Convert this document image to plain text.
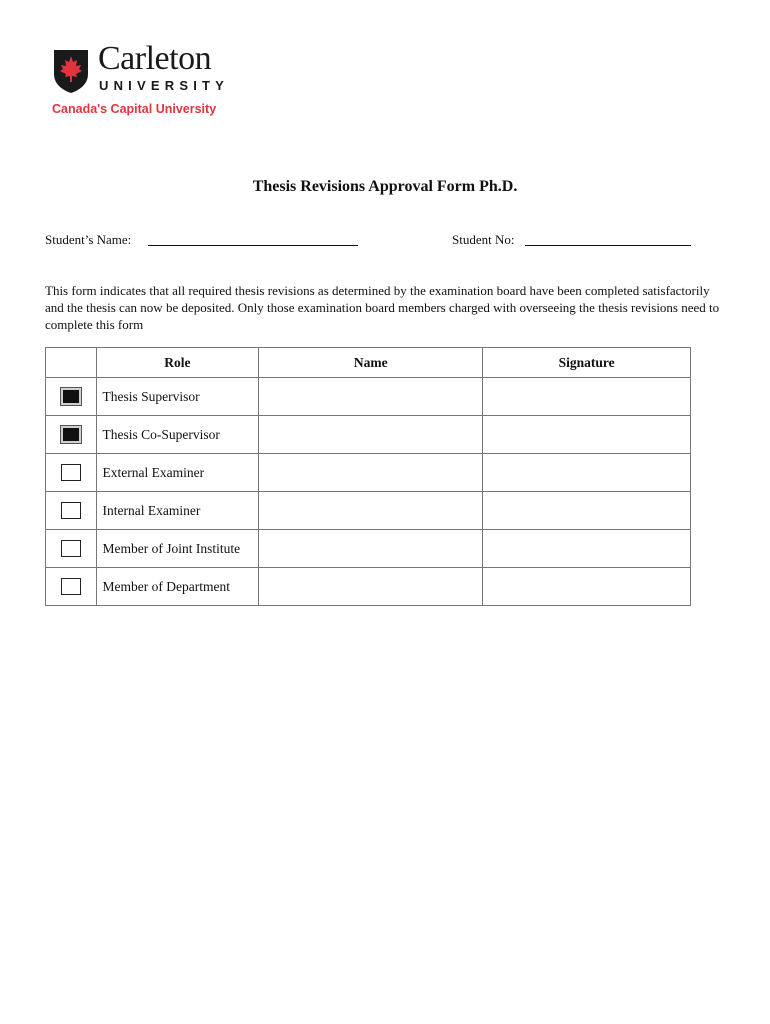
Carleton
UNIVERSITY
Canada's Capital University
Thesis Revisions Approval Form Ph.D.
Student’s Name:	Student No:
This form indicates that all required thesis revisions as determined by the examination board have been completed satisfactorily and the thesis can now be deposited. Only those examination board members charged with overseeing the thesis revisions need to complete this form
	Role	Name	Signature
	Thesis Supervisor		
	Thesis Co-Supervisor		
	External Examiner		
	Internal Examiner		
	Member of Joint Institute		
	Member of Department		
